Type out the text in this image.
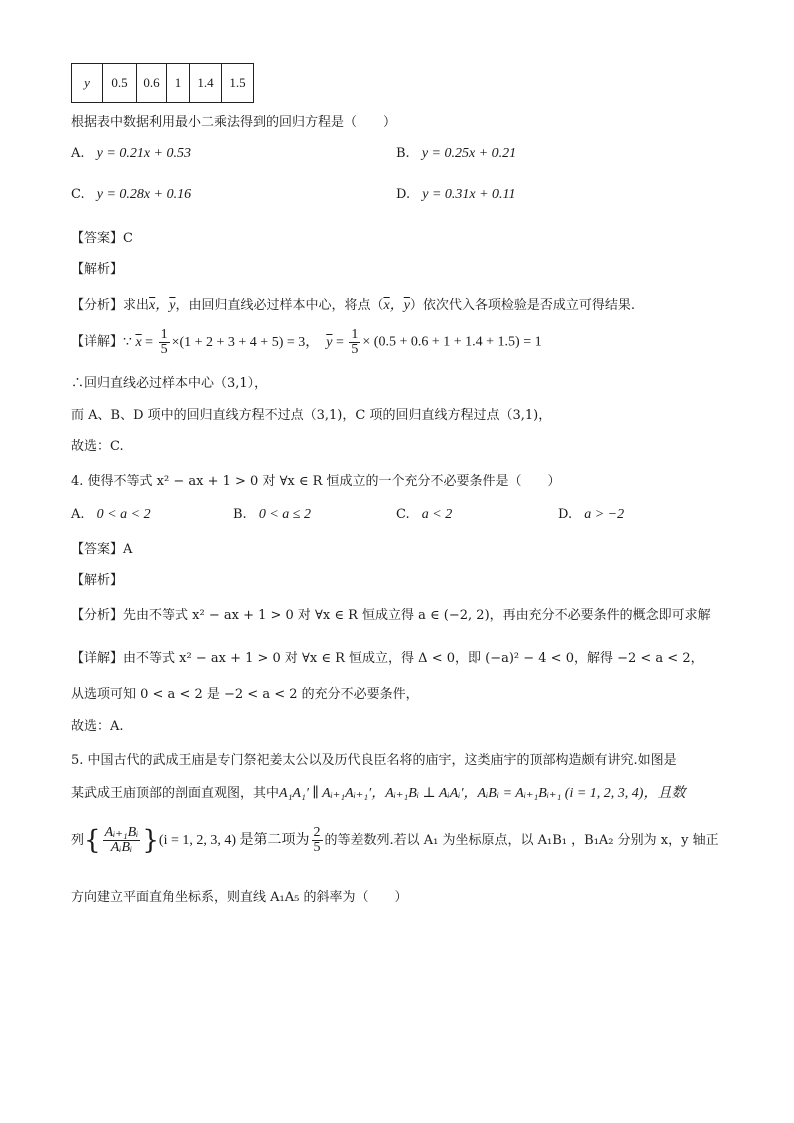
y	0.5	0.6	1	1.4	1.5
根据表中数据利用最小二乘法得到的回归方程是（　　）
A. y = 0.21x + 0.53	B. y = 0.25x + 0.21
C. y = 0.28x + 0.16	D. y = 0.31x + 0.11
【答案】C
【解析】
【分析】求出$\overline{x}$，$\overline{y}$，由回归直线必过样本中心，将点（$\overline{x}$，$\overline{y}$）依次代入各项检验是否成立可得结果.
【详解】∵ $\overline{x} = \frac{1}{5} \times(1 + 2 + 3 + 4 + 5) = 3$，  $\overline{y} = \frac{1}{5} \times (0.5 + 0.6 + 1 + 1.4 + 1.5) = 1$
∴回归直线必过样本中心（3,1），
而 A、B、D 项中的回归直线方程不过点（3,1)，C 项的回归直线方程过点（3,1)，
故选：C.
4. 使得不等式 x² − ax + 1 > 0 对 ∀x ∈ R 恒成立的一个充分不必要条件是（　　）
A. 0 < a < 2	B. 0 < a ≤ 2	C. a < 2	D. a > −2
【答案】A
【解析】
【分析】先由不等式 x² − ax + 1 > 0 对 ∀x ∈ R 恒成立得 a ∈ (−2, 2)，再由充分不必要条件的概念即可求解
【详解】由不等式 x² − ax + 1 > 0 对 ∀x ∈ R 恒成立，得 Δ < 0，即 (−a)² − 4 < 0，解得 −2 < a < 2，
从选项可知 0 < a < 2 是 −2 < a < 2 的充分不必要条件，
故选：A.
5. 中国古代的武成王庙是专门祭祀姜太公以及历代良臣名将的庙宇，这类庙宇的顶部构造颇有讲究.如图是
某武成王庙顶部的剖面直观图，其中A₁A₁′ ∥ Aᵢ₊₁Aᵢ₊₁′，Aᵢ₊₁Bᵢ ⊥ AᵢAᵢ′，AᵢBᵢ = Aᵢ₊₁Bᵢ₊₁ (i = 1, 2, 3, 4)，且数
列{ $\frac{\text{Aᵢ₊₁Bᵢ}}{\text{AᵢBᵢ}} \}(i = 1$, 2, 3, 4) 是第二项为 $\frac{2}{5}$ 的等差数列.若以 A₁ 为坐标原点，以 A₁B₁ ，B₁A₂ 分别为 x，y 轴正
方向建立平面直角坐标系，则直线 A₁A₅ 的斜率为（　　）
